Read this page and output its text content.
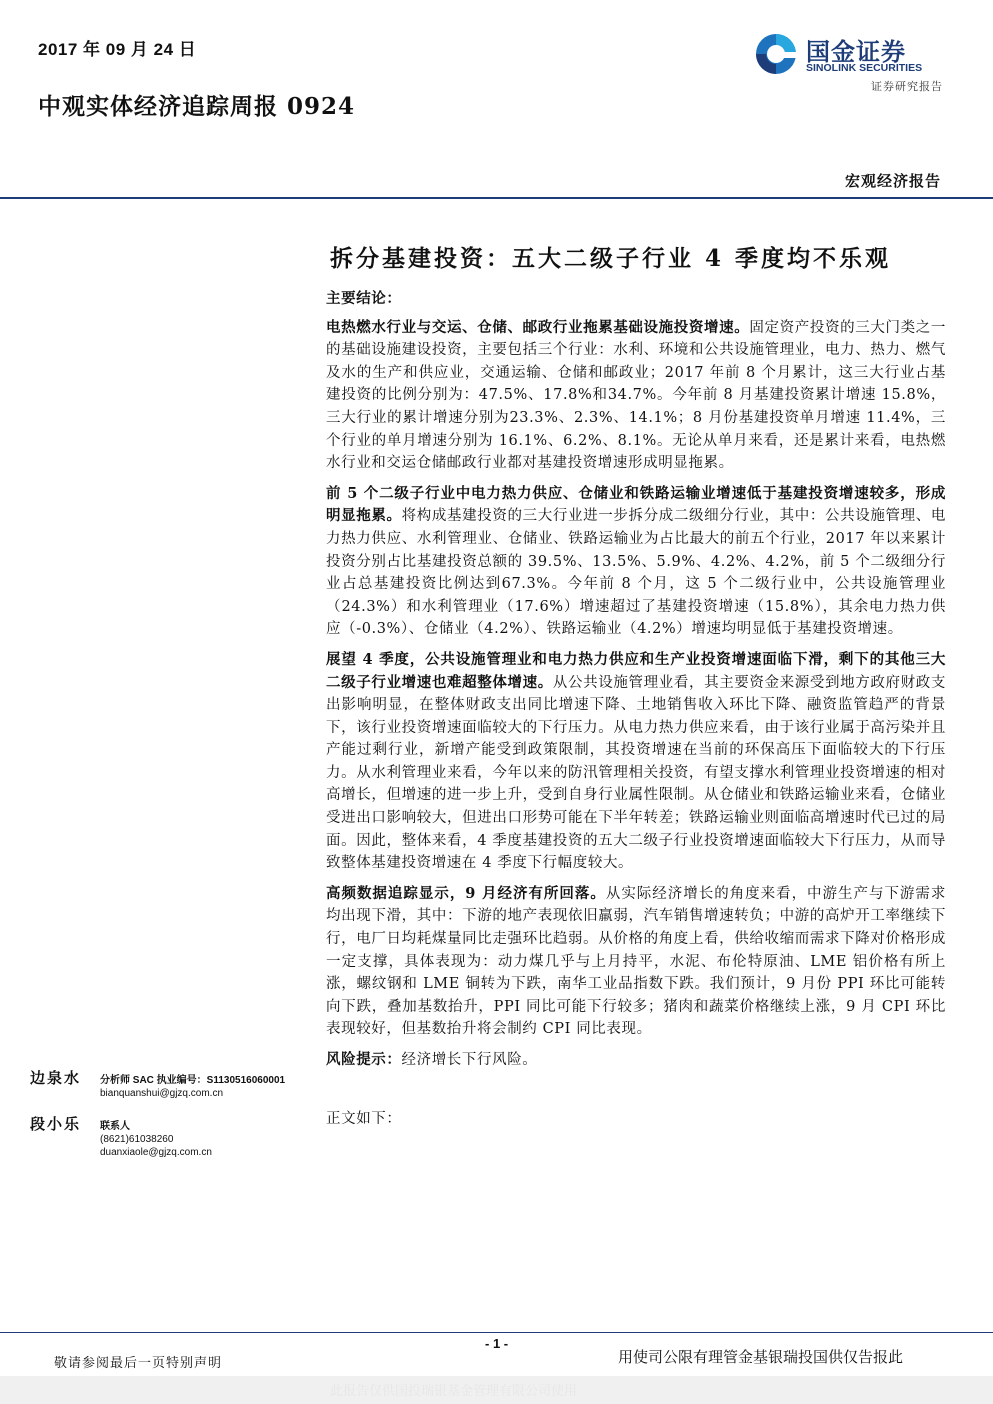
2017 年 09 月 24 日
中观实体经济追踪周报 0924
国金证券
SINOLINK SECURITIES
证券研究报告
宏观经济报告
拆分基建投资：五大二级子行业 4 季度均不乐观

主要结论：

电热燃水行业与交运、仓储、邮政行业拖累基础设施投资增速。固定资产投资的三大门类之一的基础设施建设投资，主要包括三个行业：水利、环境和公共设施管理业，电力、热力、燃气及水的生产和供应业，交通运输、仓储和邮政业；2017 年前 8 个月累计，这三大行业占基建投资的比例分别为：47.5%、17.8%和34.7%。今年前 8 月基建投资累计增速 15.8%，三大行业的累计增速分别为23.3%、2.3%、14.1%；8 月份基建投资单月增速 11.4%，三个行业的单月增速分别为 16.1%、6.2%、8.1%。无论从单月来看，还是累计来看，电热燃水行业和交运仓储邮政行业都对基建投资增速形成明显拖累。

前 5 个二级子行业中电力热力供应、仓储业和铁路运输业增速低于基建投资增速较多，形成明显拖累。将构成基建投资的三大行业进一步拆分成二级细分行业，其中：公共设施管理、电力热力供应、水利管理业、仓储业、铁路运输业为占比最大的前五个行业，2017 年以来累计投资分别占比基建投资总额的 39.5%、13.5%、5.9%、4.2%、4.2%，前 5 个二级细分行业占总基建投资比例达到67.3%。今年前 8 个月，这 5 个二级行业中，公共设施管理业（24.3%）和水利管理业（17.6%）增速超过了基建投资增速（15.8%），其余电力热力供应（-0.3%）、仓储业（4.2%）、铁路运输业（4.2%）增速均明显低于基建投资增速。

展望 4 季度，公共设施管理业和电力热力供应和生产业投资增速面临下滑，剩下的其他三大二级子行业增速也难超整体增速。从公共设施管理业看，其主要资金来源受到地方政府财政支出影响明显，在整体财政支出同比增速下降、土地销售收入环比下降、融资监管趋严的背景下，该行业投资增速面临较大的下行压力。从电力热力供应来看，由于该行业属于高污染并且产能过剩行业，新增产能受到政策限制，其投资增速在当前的环保高压下面临较大的下行压力。从水利管理业来看，今年以来的防汛管理相关投资，有望支撑水利管理业投资增速的相对高增长，但增速的进一步上升，受到自身行业属性限制。从仓储业和铁路运输业来看，仓储业受进出口影响较大，但进出口形势可能在下半年转差；铁路运输业则面临高增速时代已过的局面。因此，整体来看，4 季度基建投资的五大二级子行业投资增速面临较大下行压力，从而导致整体基建投资增速在 4 季度下行幅度较大。

高频数据追踪显示，9 月经济有所回落。从实际经济增长的角度来看，中游生产与下游需求均出现下滑，其中：下游的地产表现依旧羸弱，汽车销售增速转负；中游的高炉开工率继续下行，电厂日均耗煤量同比走强环比趋弱。从价格的角度上看，供给收缩而需求下降对价格形成一定支撑，具体表现为：动力煤几乎与上月持平，水泥、布伦特原油、LME 铝价格有所上涨，螺纹钢和 LME 铜转为下跌，南华工业品指数下跌。我们预计，9 月份 PPI 环比可能转向下跌，叠加基数抬升，PPI 同比可能下行较多；猪肉和蔬菜价格继续上涨，9 月 CPI 环比表现较好，但基数抬升将会制约 CPI 同比表现。

风险提示：经济增长下行风险。

正文如下：

边泉水	分析师 SAC 执业编号：S1130516060001
bianquanshui@gjzq.com.cn
段小乐	联系人
(8621)61038260
duanxiaole@gjzq.com.cn
- 1 -
敬请参阅最后一页特别声明	用使司公限有理管金基银瑞投国供仅告报此
此报告仅供国投瑞银基金管理有限公司使用
